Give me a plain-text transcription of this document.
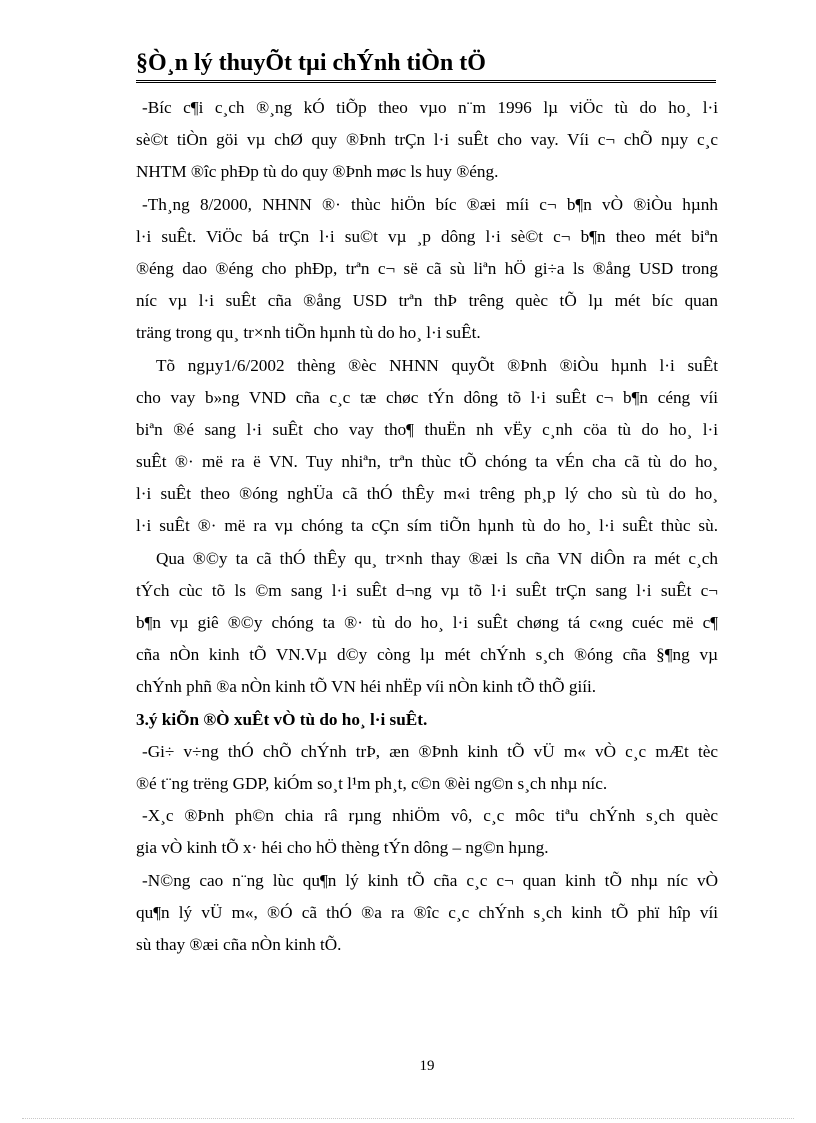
§Ò¸n lý thuyÕt tµi chÝnh tiÒn tÖ
-Bíc c¶i c¸ch ®¸ng kÓ tiÕp theo vµo n¨m 1996 lµ viÖc tù do ho¸ l·i
sè©t tiÒn göi vµ chØ quy ®Þnh trÇn l·i suÊt cho vay. Víi c¬ chÕ nµy c¸c
NHTM ®îc phÐp tù do quy ®Þnh møc ls huy ®éng.
-Th¸ng 8/2000, NHNN ®· thùc hiÖn bíc ®æi míi c¬ b¶n vÒ ®iÒu hµnh
l·i suÊt. ViÖc bá trÇn l·i su©t vµ ¸p dông l·i sè©t c¬ b¶n theo mét biªn
®éng dao ®éng cho phÐp, trªn c¬ së cã sù liªn hÖ gi÷a ls ®ång USD trong
níc vµ l·i suÊt cña ®ång USD trªn thÞ trêng quèc tÕ lµ mét bíc quan
träng trong qu¸ tr×nh tiÕn hµnh tù do ho¸ l·i suÊt.
Tõ ngµy1/6/2002 thèng ®èc NHNN quyÕt ®Þnh ®iÒu hµnh l·i suÊt
cho vay b»ng VND cña c¸c tæ chøc tÝn dông tõ l·i suÊt c¬ b¶n céng víi
biªn ®é sang l·i suÊt cho vay tho¶ thuËn nh vËy c¸nh cöa tù do ho¸ l·i
suÊt ®· më ra ë VN. Tuy nhiªn, trªn thùc tÕ chóng ta vÉn cha cã tù do ho¸
l·i suÊt theo ®óng nghÜa cã thÓ thÊy m«i trêng ph¸p lý cho sù tù do ho¸
l·i suÊt ®· më ra vµ chóng ta cÇn sím tiÕn hµnh tù do ho¸ l·i suÊt thùc sù.
Qua ®©y ta cã thÓ thÊy qu¸ tr×nh thay ®æi ls cña VN diÔn ra mét c¸ch
tÝch cùc tõ ls ©m sang l·i suÊt d¬ng vµ tõ l·i suÊt trÇn sang l·i suÊt c¬
b¶n vµ giê ®©y chóng ta ®· tù do ho¸ l·i suÊt chøng tá c«ng cuéc më c¶
cña nÒn kinh tÕ VN.Vµ d©y còng lµ mét chÝnh s¸ch ®óng cña §¶ng vµ
chÝnh phñ ®a nÒn kinh tÕ VN héi nhËp víi nÒn kinh tÕ thÕ giíi.
3.ý kiÕn ®Ò xuÊt vÒ tù do ho¸ l·i suÊt.
-Gi÷ v÷ng thÓ chÕ chÝnh trÞ, æn ®Þnh kinh tÕ vÜ m« vÒ c¸c mÆt tèc
®é t¨ng trëng GDP, kiÓm so¸t l¹m ph¸t, c©n ®èi ng©n s¸ch nhµ níc.
-X¸c ®Þnh ph©n chia râ rµng nhiÖm vô, c¸c môc tiªu chÝnh s¸ch quèc
gia vÒ kinh tÕ x· héi cho hÖ thèng tÝn dông – ng©n hµng.
-N©ng cao n¨ng lùc qu¶n lý kinh tÕ cña c¸c c¬ quan kinh tÕ nhµ níc vÒ
qu¶n lý vÜ m«, ®Ó cã thÓ ®a ra ®îc c¸c chÝnh s¸ch kinh tÕ phï hîp víi
sù thay ®æi cña nÒn kinh tÕ.
19
